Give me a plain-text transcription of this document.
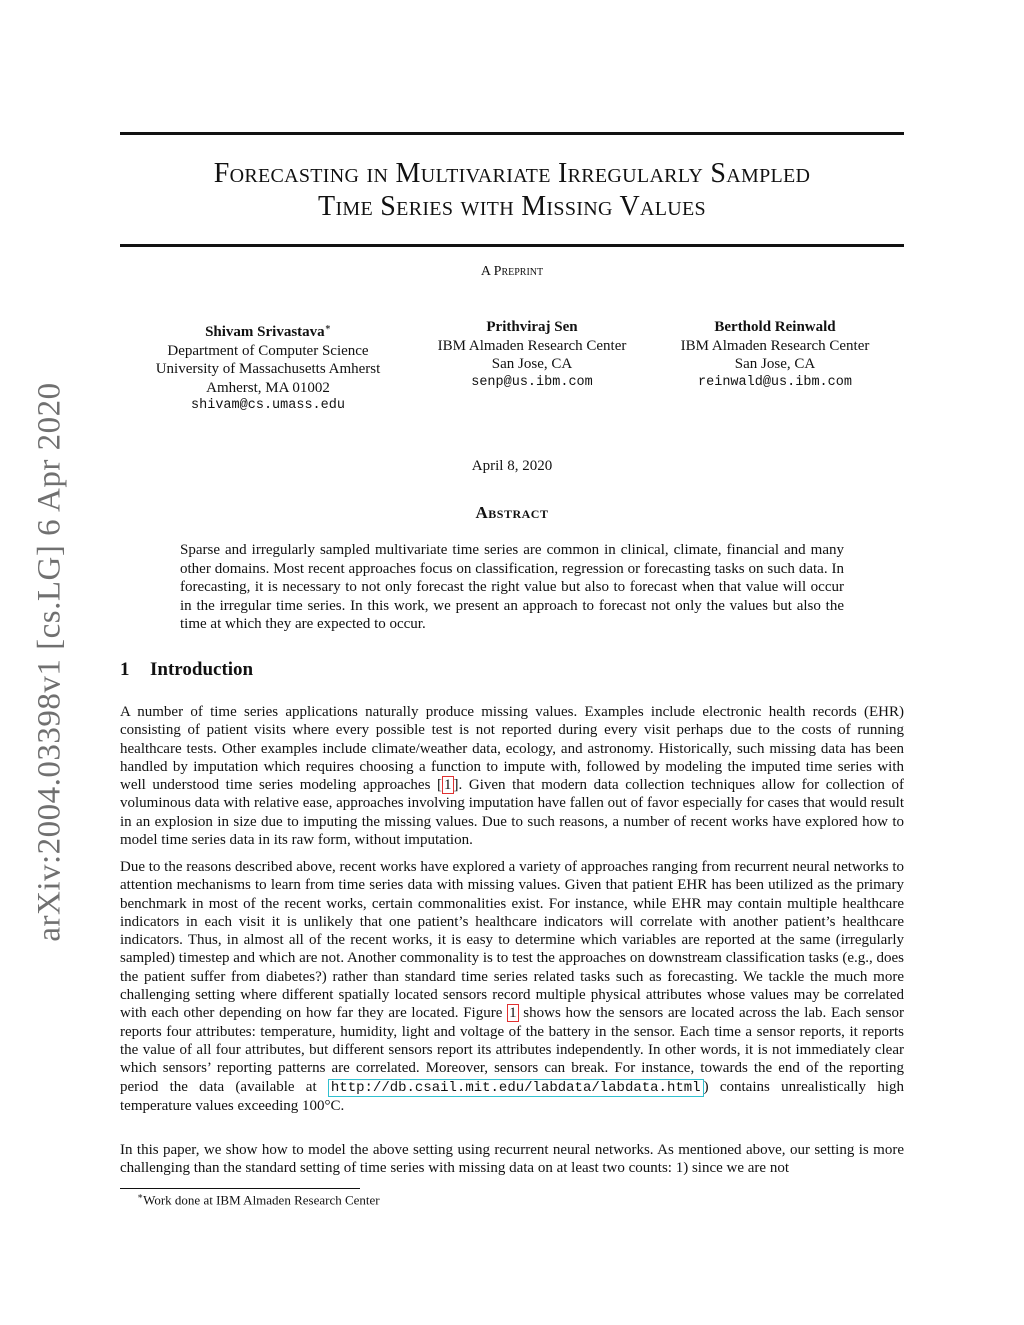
arXiv:2004.03398v1 [cs.LG] 6 Apr 2020
Forecasting in Multivariate Irregularly Sampled
Time Series with Missing Values
A Preprint
Shivam Srivastava∗
Department of Computer Science
University of Massachusetts Amherst
Amherst, MA 01002
shivam@cs.umass.edu
Prithviraj Sen
IBM Almaden Research Center
San Jose, CA
senp@us.ibm.com
Berthold Reinwald
IBM Almaden Research Center
San Jose, CA
reinwald@us.ibm.com
April 8, 2020
Abstract
Sparse and irregularly sampled multivariate time series are common in clinical, climate, financial and many other domains. Most recent approaches focus on classification, regression or forecasting tasks on such data. In forecasting, it is necessary to not only forecast the right value but also to forecast when that value will occur in the irregular time series. In this work, we present an approach to forecast not only the values but also the time at which they are expected to occur.
1 Introduction
A number of time series applications naturally produce missing values. Examples include electronic health records (EHR) consisting of patient visits where every possible test is not reported during every visit perhaps due to the costs of running healthcare tests. Other examples include climate/weather data, ecology, and astronomy. Historically, such missing data has been handled by imputation which requires choosing a function to impute with, followed by modeling the imputed time series with well understood time series modeling approaches [ 1 ]. Given that modern data collection techniques allow for collection of voluminous data with relative ease, approaches involving imputation have fallen out of favor especially for cases that would result in an explosion in size due to imputing the missing values. Due to such reasons, a number of recent works have explored how to model time series data in its raw form, without imputation.
Due to the reasons described above, recent works have explored a variety of approaches ranging from recurrent neural networks to attention mechanisms to learn from time series data with missing values. Given that patient EHR has been utilized as the primary benchmark in most of the recent works, certain commonalities exist. For instance, while EHR may contain multiple healthcare indicators in each visit it is unlikely that one patient’s healthcare indicators will correlate with another patient’s healthcare indicators. Thus, in almost all of the recent works, it is easy to determine which variables are reported at the same (irregularly sampled) timestep and which are not. Another commonality is to test the approaches on downstream classification tasks (e.g., does the patient suffer from diabetes?) rather than standard time series related tasks such as forecasting. We tackle the much more challenging setting where different spatially located sensors record multiple physical attributes whose values may be correlated with each other depending on how far they are located. Figure 1 shows how the sensors are located across the lab. Each sensor reports four attributes: temperature, humidity, light and voltage of the battery in the sensor. Each time a sensor reports, it reports the value of all four attributes, but different sensors report its attributes independently. In other words, it is not immediately clear which sensors’ reporting patterns are correlated. Moreover, sensors can break. For instance, towards the end of the reporting period the data (available at http://db.csail.mit.edu/labdata/labdata.html ) contains unrealistically high temperature values exceeding 100°C.
In this paper, we show how to model the above setting using recurrent neural networks. As mentioned above, our setting is more challenging than the standard setting of time series with missing data on at least two counts: 1) since we are not
∗Work done at IBM Almaden Research Center
